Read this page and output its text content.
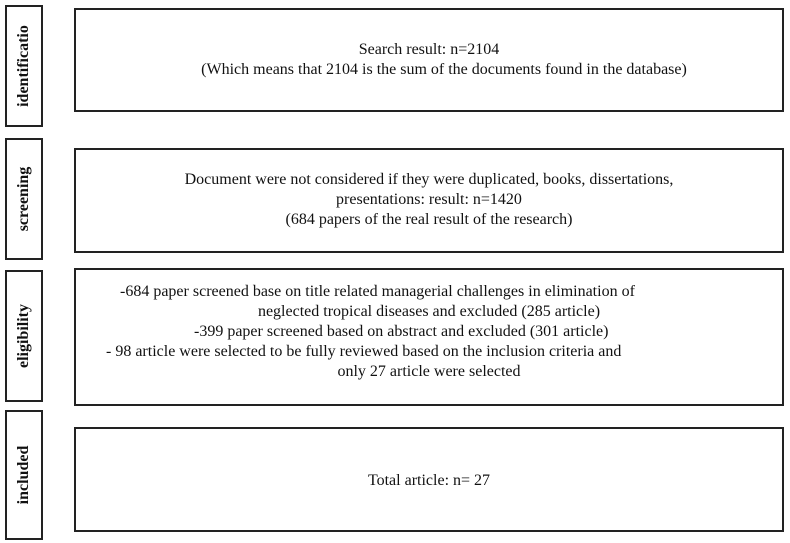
identificatio	Search result: n=2104
(Which means that 2104 is the sum of the documents found in the database)
screening	Document were not considered if they were duplicated, books, dissertations,
presentations: result: n=1420
(684 papers of the real result of the research)
eligibility
-684 paper screened base on title related managerial challenges in elimination of
neglected tropical diseases and excluded (285 article)
-399 paper screened based on abstract and excluded (301 article)
- 98 article were selected to be fully reviewed based on the inclusion criteria and
only 27 article were selected
included	Total article: n= 27
